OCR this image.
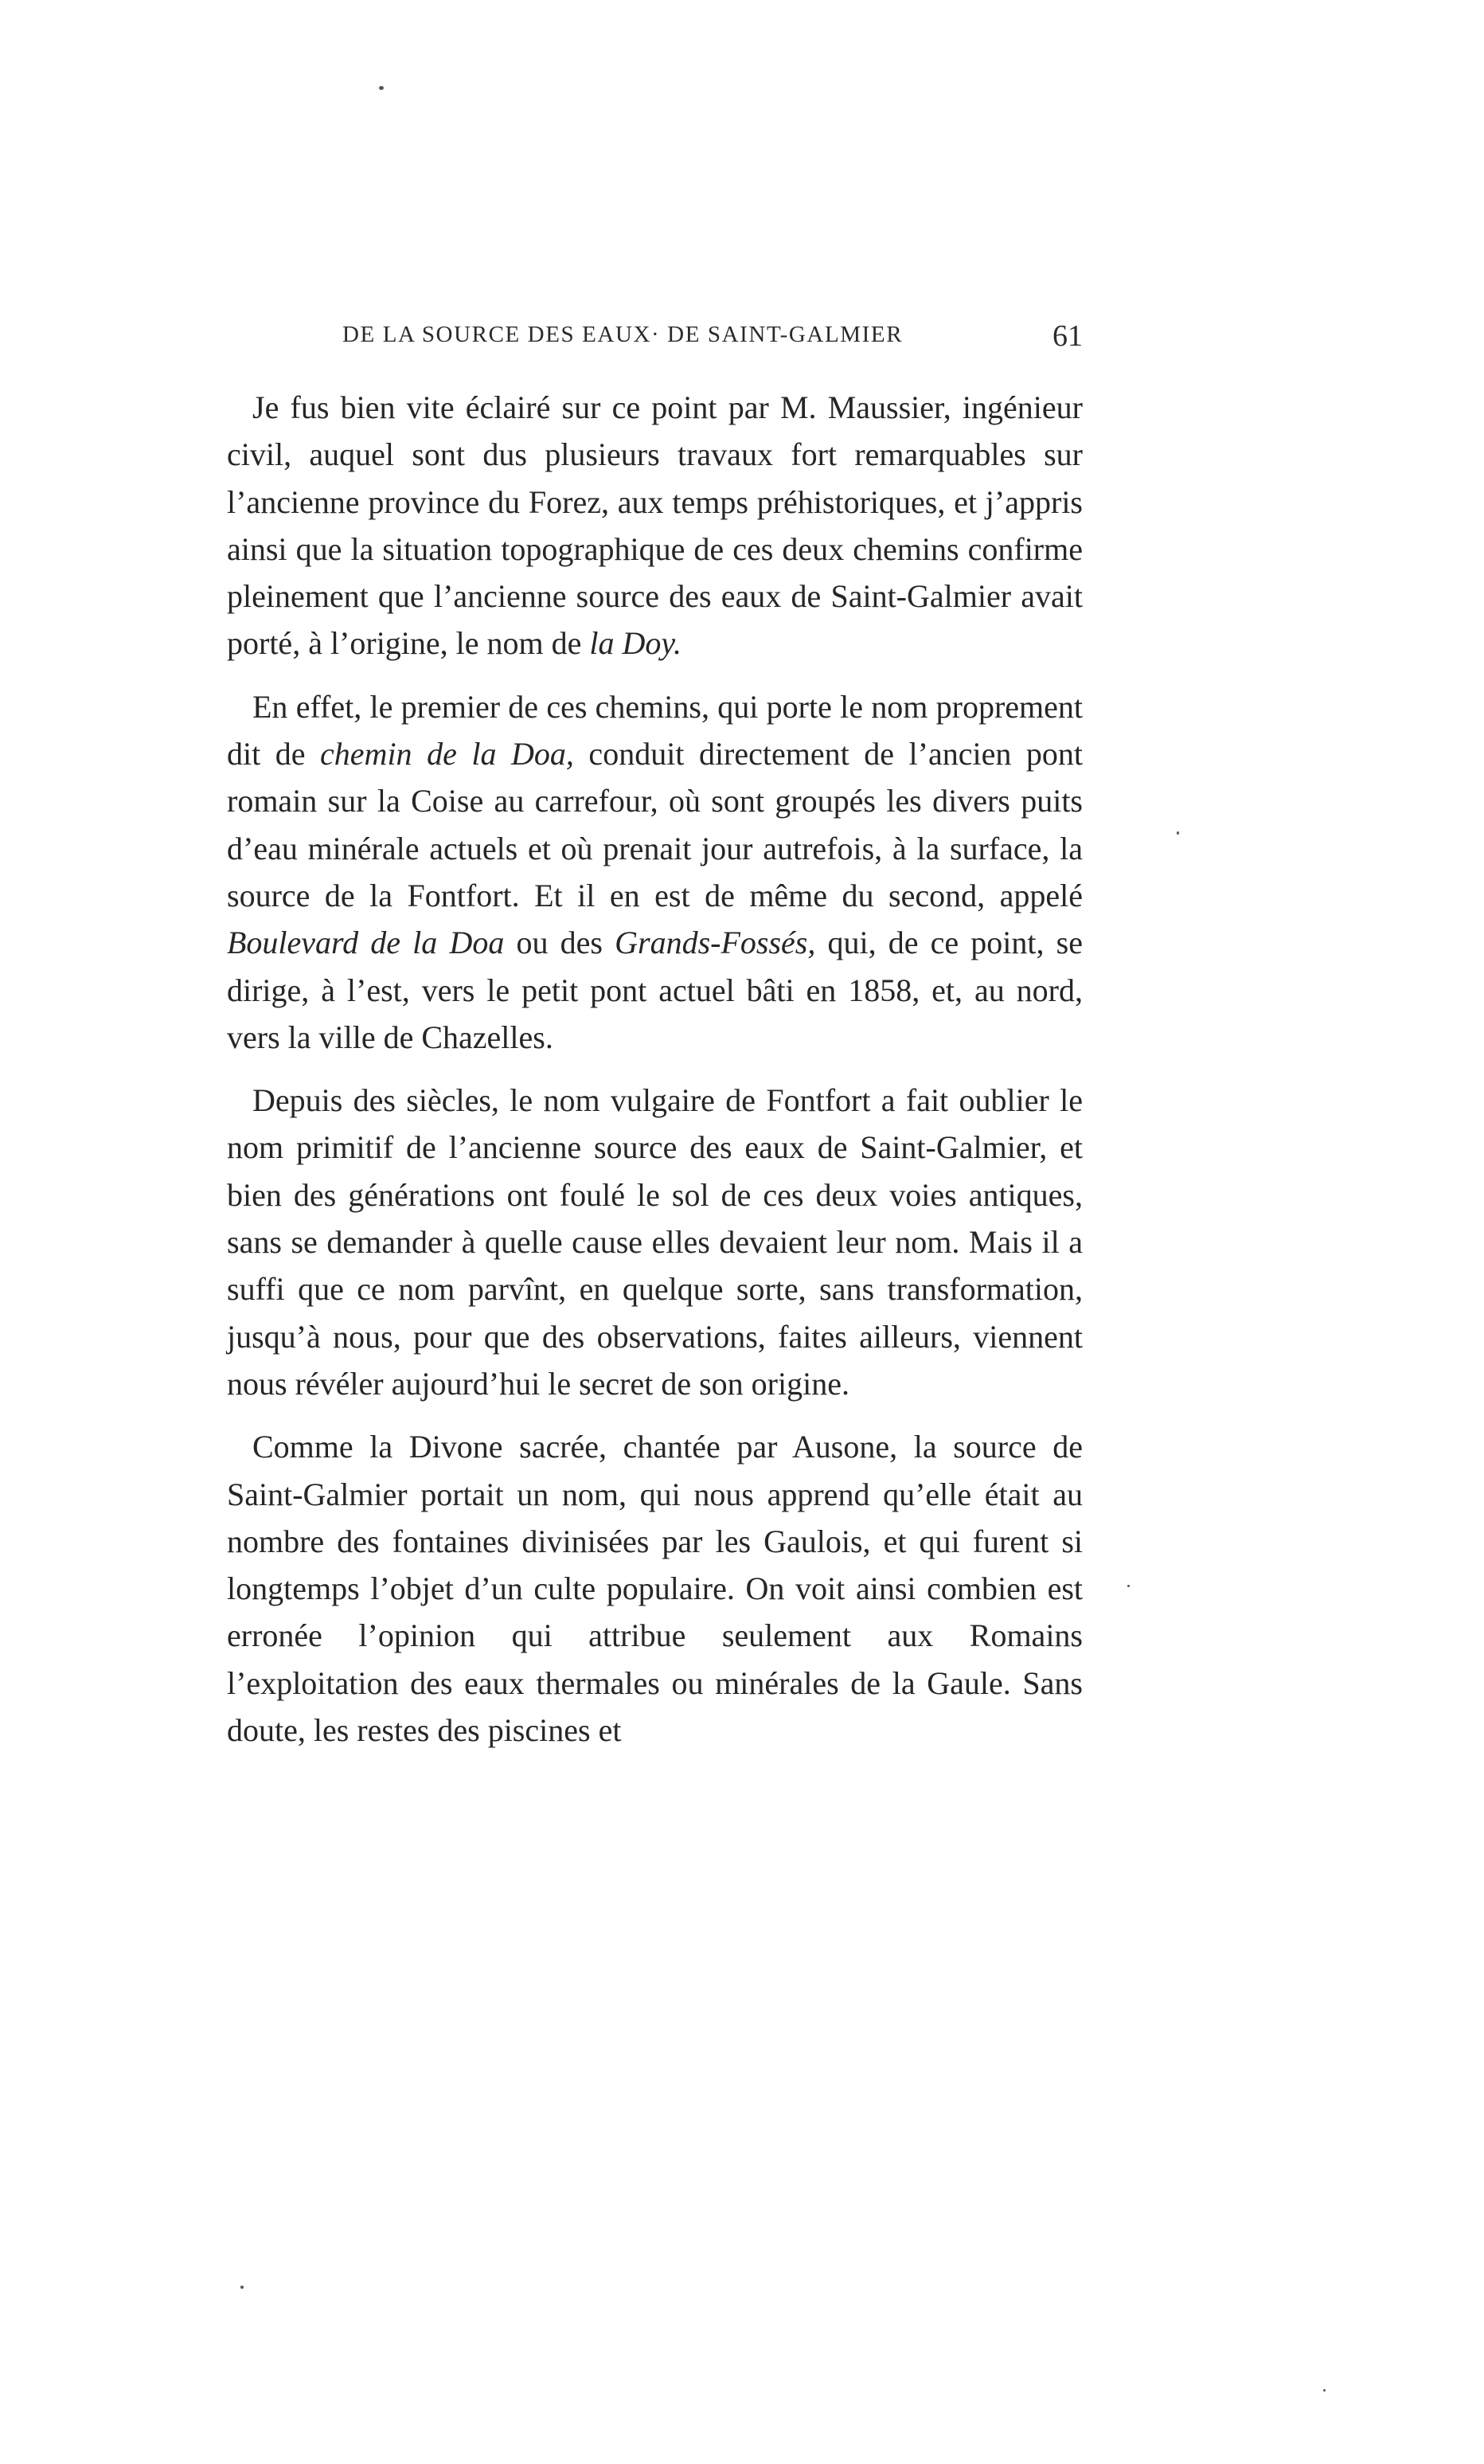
DE LA SOURCE DES EAUX· DE SAINT-GALMIER	61

Je fus bien vite éclairé sur ce point par M. Maussier, ingénieur civil, auquel sont dus plusieurs travaux fort remarquables sur l’ancienne province du Forez, aux temps préhistoriques, et j’appris ainsi que la situation topographique de ces deux chemins confirme pleinement que l’ancienne source des eaux de Saint-Galmier avait porté, à l’origine, le nom de la Doy.

En effet, le premier de ces chemins, qui porte le nom proprement dit de chemin de la Doa, conduit directement de l’ancien pont romain sur la Coise au carrefour, où sont groupés les divers puits d’eau minérale actuels et où prenait jour autrefois, à la surface, la source de la Fontfort. Et il en est de même du second, appelé Boulevard de la Doa ou des Grands-Fossés, qui, de ce point, se dirige, à l’est, vers le petit pont actuel bâti en 1858, et, au nord, vers la ville de Chazelles.

Depuis des siècles, le nom vulgaire de Fontfort a fait oublier le nom primitif de l’ancienne source des eaux de Saint-Galmier, et bien des générations ont foulé le sol de ces deux voies antiques, sans se demander à quelle cause elles devaient leur nom. Mais il a suffi que ce nom parvînt, en quelque sorte, sans transformation, jusqu’à nous, pour que des observations, faites ailleurs, viennent nous révéler aujourd’hui le secret de son origine.

Comme la Divone sacrée, chantée par Ausone, la source de Saint-Galmier portait un nom, qui nous apprend qu’elle était au nombre des fontaines divinisées par les Gaulois, et qui furent si longtemps l’objet d’un culte populaire. On voit ainsi combien est erronée l’opinion qui attribue seulement aux Romains l’exploitation des eaux thermales ou minérales de la Gaule. Sans doute, les restes des piscines et
